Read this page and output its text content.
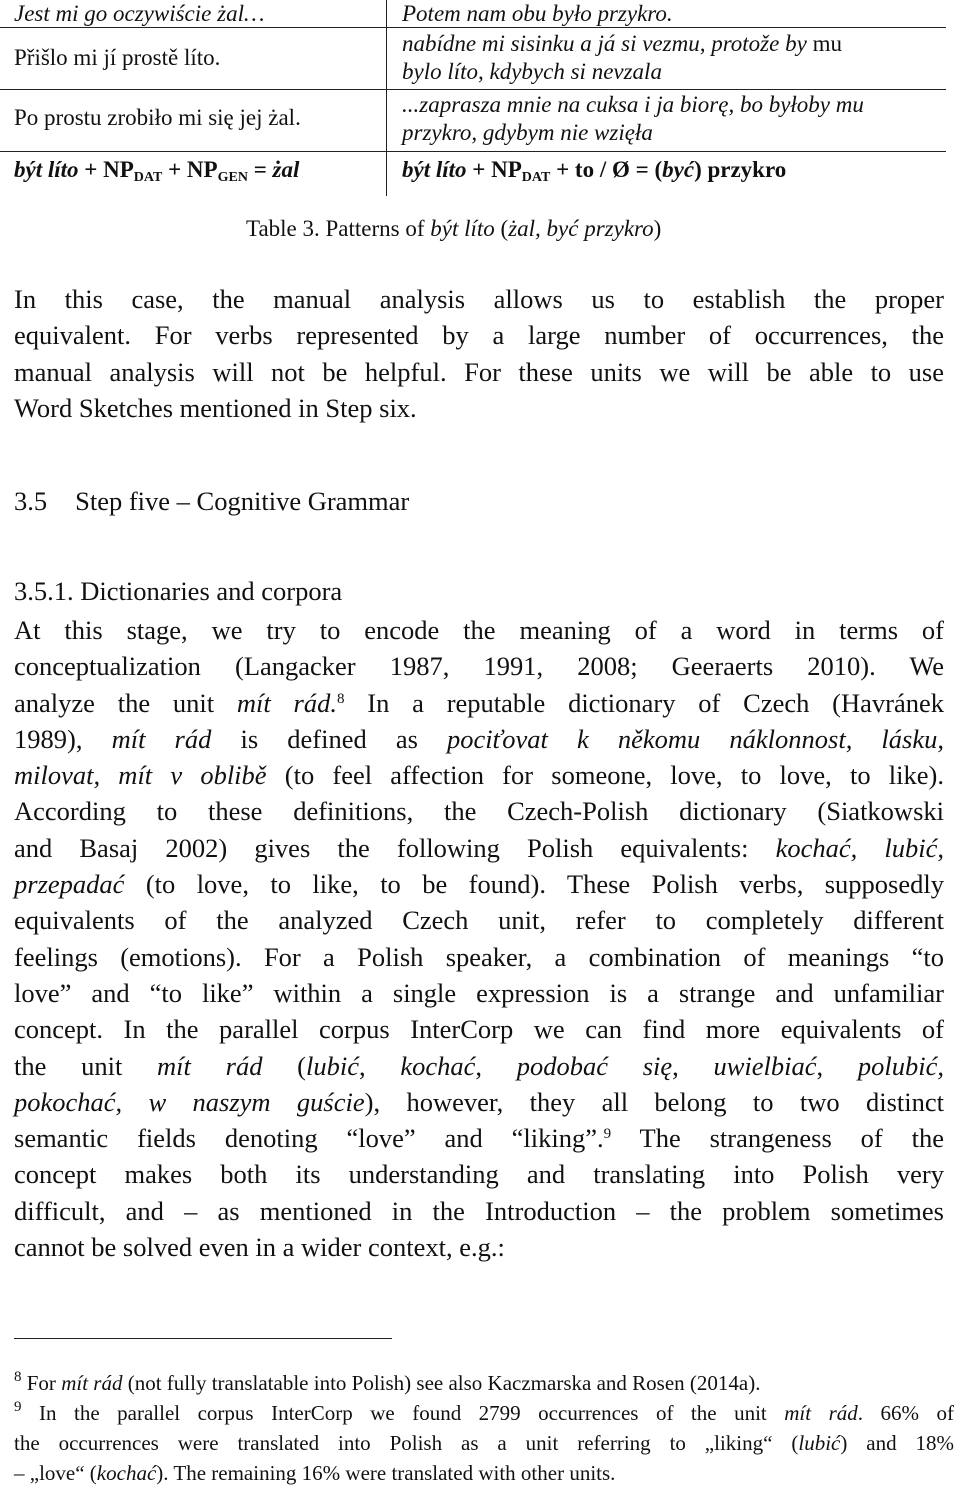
Jest mi go oczywiście żal…
Přišlo mi jí prostě líto.
Po prostu zrobiło mi się jej żal.
Potem nam obu było przykro.
nabídne mi sisinku a já si vezmu, protože by mu
bylo líto, kdybych si nevzala
...zaprasza mnie na cuksa i ja biorę, bo byłoby mu
przykro, gdybym nie wzięła
být líto + $NP_{DAT} + NP_{GEN}$ = żal	být líto + $NP_{DAT}$ + to / Ø = (być) przykro
Table 3. Patterns of být líto (żal, być przykro)
In this case, the manual analysis allows us to establish the proper
equivalent. For verbs represented by a large number of occurrences, the
manual analysis will not be helpful. For these units we will be able to use
Word Sketches mentioned in Step six.
3.5 Step five – Cognitive Grammar
3.5.1. Dictionaries and corpora
At this stage, we try to encode the meaning of a word in terms of
conceptualization (Langacker 1987, 1991, 2008; Geeraerts 2010). We
analyze the unit mít rád.$^8$ In a reputable dictionary of Czech (Havránek
1989), mít rád is defined as pociťovat k někomu náklonnost, lásku,
milovat, mít v oblibě (to feel affection for someone, love, to love, to like).
According to these definitions, the Czech-Polish dictionary (Siatkowski
and Basaj 2002) gives the following Polish equivalents: kochać, lubić,
przepadać (to love, to like, to be found). These Polish verbs, supposedly
equivalents of the analyzed Czech unit, refer to completely different
feelings (emotions). For a Polish speaker, a combination of meanings “to
love” and “to like” within a single expression is a strange and unfamiliar
concept. In the parallel corpus InterCorp we can find more equivalents of
the unit mít rád (lubić, kochać, podobać się, uwielbiać, polubić,
pokochać, w naszym guście), however, they all belong to two distinct
semantic fields denoting “love” and “liking”.$^9$ The strangeness of the
concept makes both its understanding and translating into Polish very
difficult, and – as mentioned in the Introduction – the problem sometimes
cannot be solved even in a wider context, e.g.:
$^8$ For mít rád (not fully translatable into Polish) see also Kaczmarska and Rosen (2014a).
$^9$ In the parallel corpus InterCorp we found 2799 occurrences of the unit mít rád. 66% of
the occurrences were translated into Polish as a unit referring to „liking“ (lubić) and 18%
– „love“ (kochać). The remaining 16% were translated with other units.
